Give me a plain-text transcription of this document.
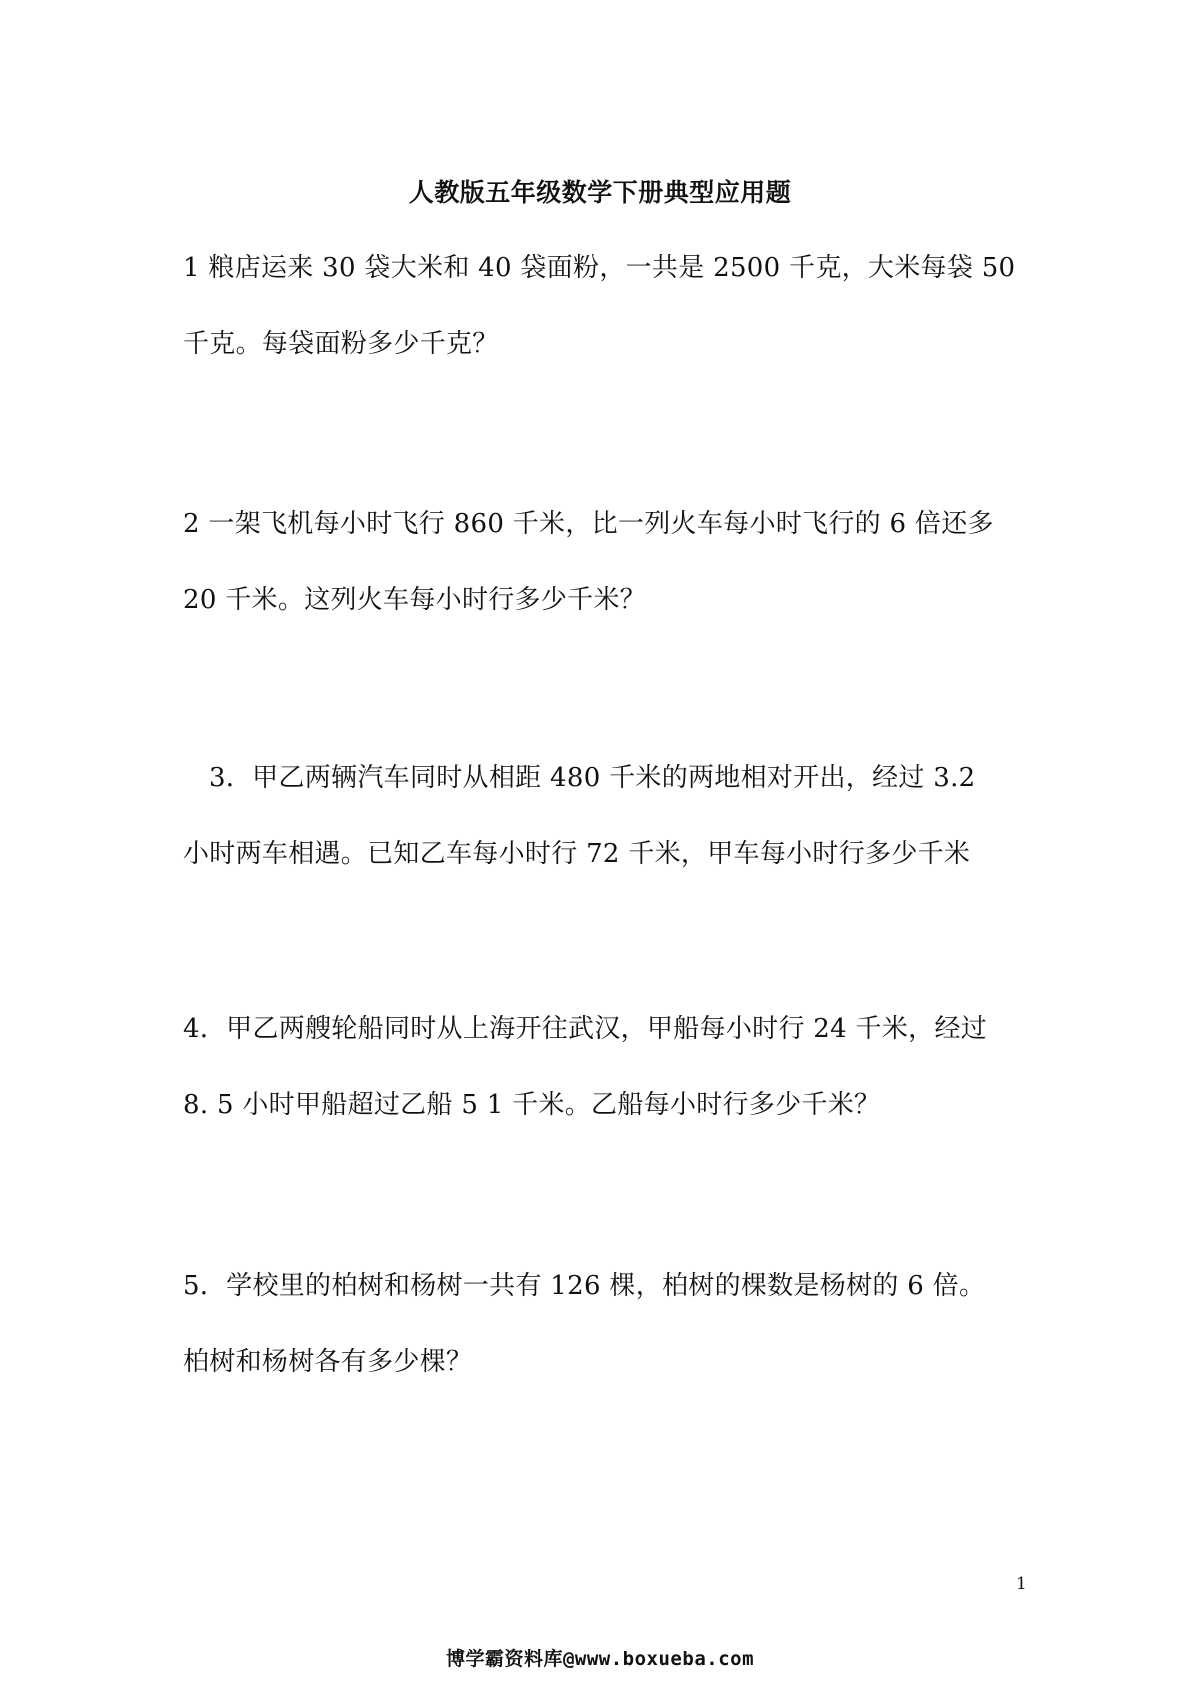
人教版五年级数学下册典型应用题
1 粮店运来 30 袋大米和 40 袋面粉，一共是 2500 千克，大米每袋 50
千克。每袋面粉多少千克？
2 一架飞机每小时飞行 860 千米，比一列火车每小时飞行的 6 倍还多
20 千米。这列火车每小时行多少千米？
3．甲乙两辆汽车同时从相距 480 千米的两地相对开出，经过 3.2
小时两车相遇。已知乙车每小时行 72 千米，甲车每小时行多少千米
4．甲乙两艘轮船同时从上海开往武汉，甲船每小时行 24 千米，经过
8. 5 小时甲船超过乙船 5 1 千米。乙船每小时行多少千米？
5．学校里的柏树和杨树一共有 126 棵，柏树的棵数是杨树的 6 倍。
柏树和杨树各有多少棵？
1
博学霸资料库@www.boxueba.com
